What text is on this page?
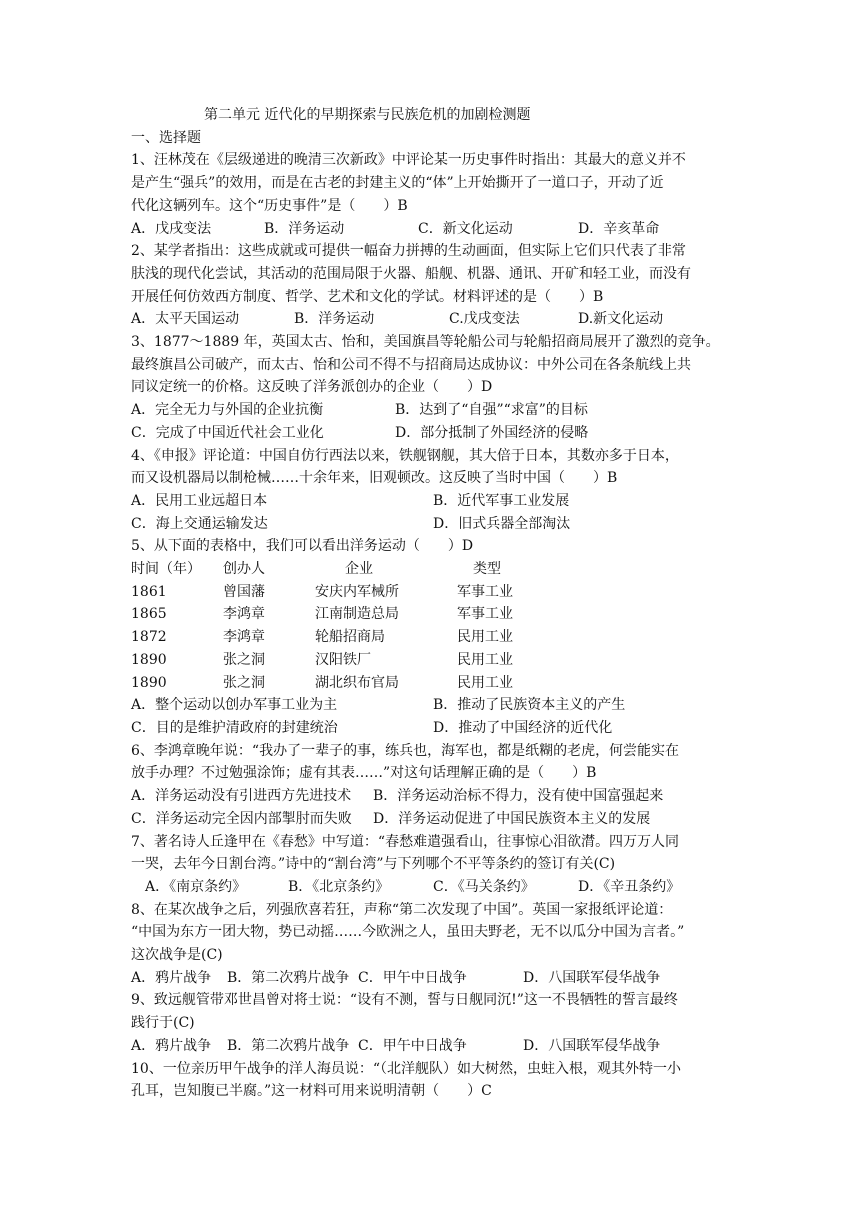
第二单元 近代化的早期探索与民族危机的加剧检测题
一、选择题
1、汪林茂在《层级递进的晚清三次新政》中评论某一历史事件时指出：其最大的意义并不
是产生“强兵”的效用，而是在古老的封建主义的“体”上开始撕开了一道口子，开动了近
代化这辆列车。这个“历史事件”是（　　）B
A．戊戌变法	B．洋务运动	C．新文化运动	D．辛亥革命
2、某学者指出：这些成就或可提供一幅奋力拼搏的生动画面，但实际上它们只代表了非常
肤浅的现代化尝试，其活动的范围局限于火器、船舰、机器、通讯、开矿和轻工业，而没有
开展任何仿效西方制度、哲学、艺术和文化的学试。材料评述的是（　　）B
A．太平天国运动	B．洋务运动	C.戊戌变法	D.新文化运动
3、1877～1889 年，英国太古、怡和，美国旗昌等轮船公司与轮船招商局展开了激烈的竞争。
最终旗昌公司破产，而太古、怡和公司不得不与招商局达成协议：中外公司在各条航线上共
同议定统一的价格。这反映了洋务派创办的企业（　　）D
A．完全无力与外国的企业抗衡	B．达到了“自强”“求富”的目标
C．完成了中国近代社会工业化	D．部分抵制了外国经济的侵略
4、《申报》评论道：中国自仿行西法以来，铁舰钢舰，其大倍于日本，其数亦多于日本，
而又设机器局以制枪械……十余年来，旧观顿改。这反映了当时中国（　　）B
A．民用工业远超日本	B．近代军事工业发展
C．海上交通运输发达	D．旧式兵器全部淘汰
5、从下面的表格中，我们可以看出洋务运动（　　）D
时间（年）	创办人	企业	类型
1861	曾国藩	安庆内军械所	军事工业
1865	李鸿章	江南制造总局	军事工业
1872	李鸿章	轮船招商局	民用工业
1890	张之洞	汉阳铁厂	民用工业
1890	张之洞	湖北织布官局	民用工业
A．整个运动以创办军事工业为主	B．推动了民族资本主义的产生
C．目的是维护清政府的封建统治	D．推动了中国经济的近代化
6、李鸿章晚年说：“我办了一辈子的事，练兵也，海军也，都是纸糊的老虎，何尝能实在
放手办理？不过勉强涂饰；虚有其表……”对这句话理解正确的是（　　）B
A．洋务运动没有引进西方先进技术	B．洋务运动治标不得力，没有使中国富强起来
C．洋务运动完全因内部掣肘而失败	D．洋务运动促进了中国民族资本主义的发展
7、著名诗人丘逢甲在《春愁》中写道：“春愁难遣强看山，往事惊心泪欲潸。四万万人同
一哭，去年今日割台湾。”诗中的“割台湾”与下列哪个不平等条约的签订有关(C)
A．《南京条约》	B．《北京条约》	C．《马关条约》	D．《辛丑条约》
8、在某次战争之后，列强欣喜若狂，声称“第二次发现了中国”。英国一家报纸评论道：
“中国为东方一团大物，势已动摇……今欧洲之人，虽田夫野老，无不以瓜分中国为言者。”
这次战争是(C)
A．鸦片战争	B．第二次鸦片战争 C．甲午中日战争	D．八国联军侵华战争
9、致远舰管带邓世昌曾对将士说：“设有不测，誓与日舰同沉!”这一不畏牺牲的誓言最终
践行于(C)
A．鸦片战争	B．第二次鸦片战争 C．甲午中日战争	D．八国联军侵华战争
10、一位亲历甲午战争的洋人海员说：“（北洋舰队）如大树然，虫蛀入根，观其外特一小
孔耳，岂知腹已半腐。”这一材料可用来说明清朝（　　）C
